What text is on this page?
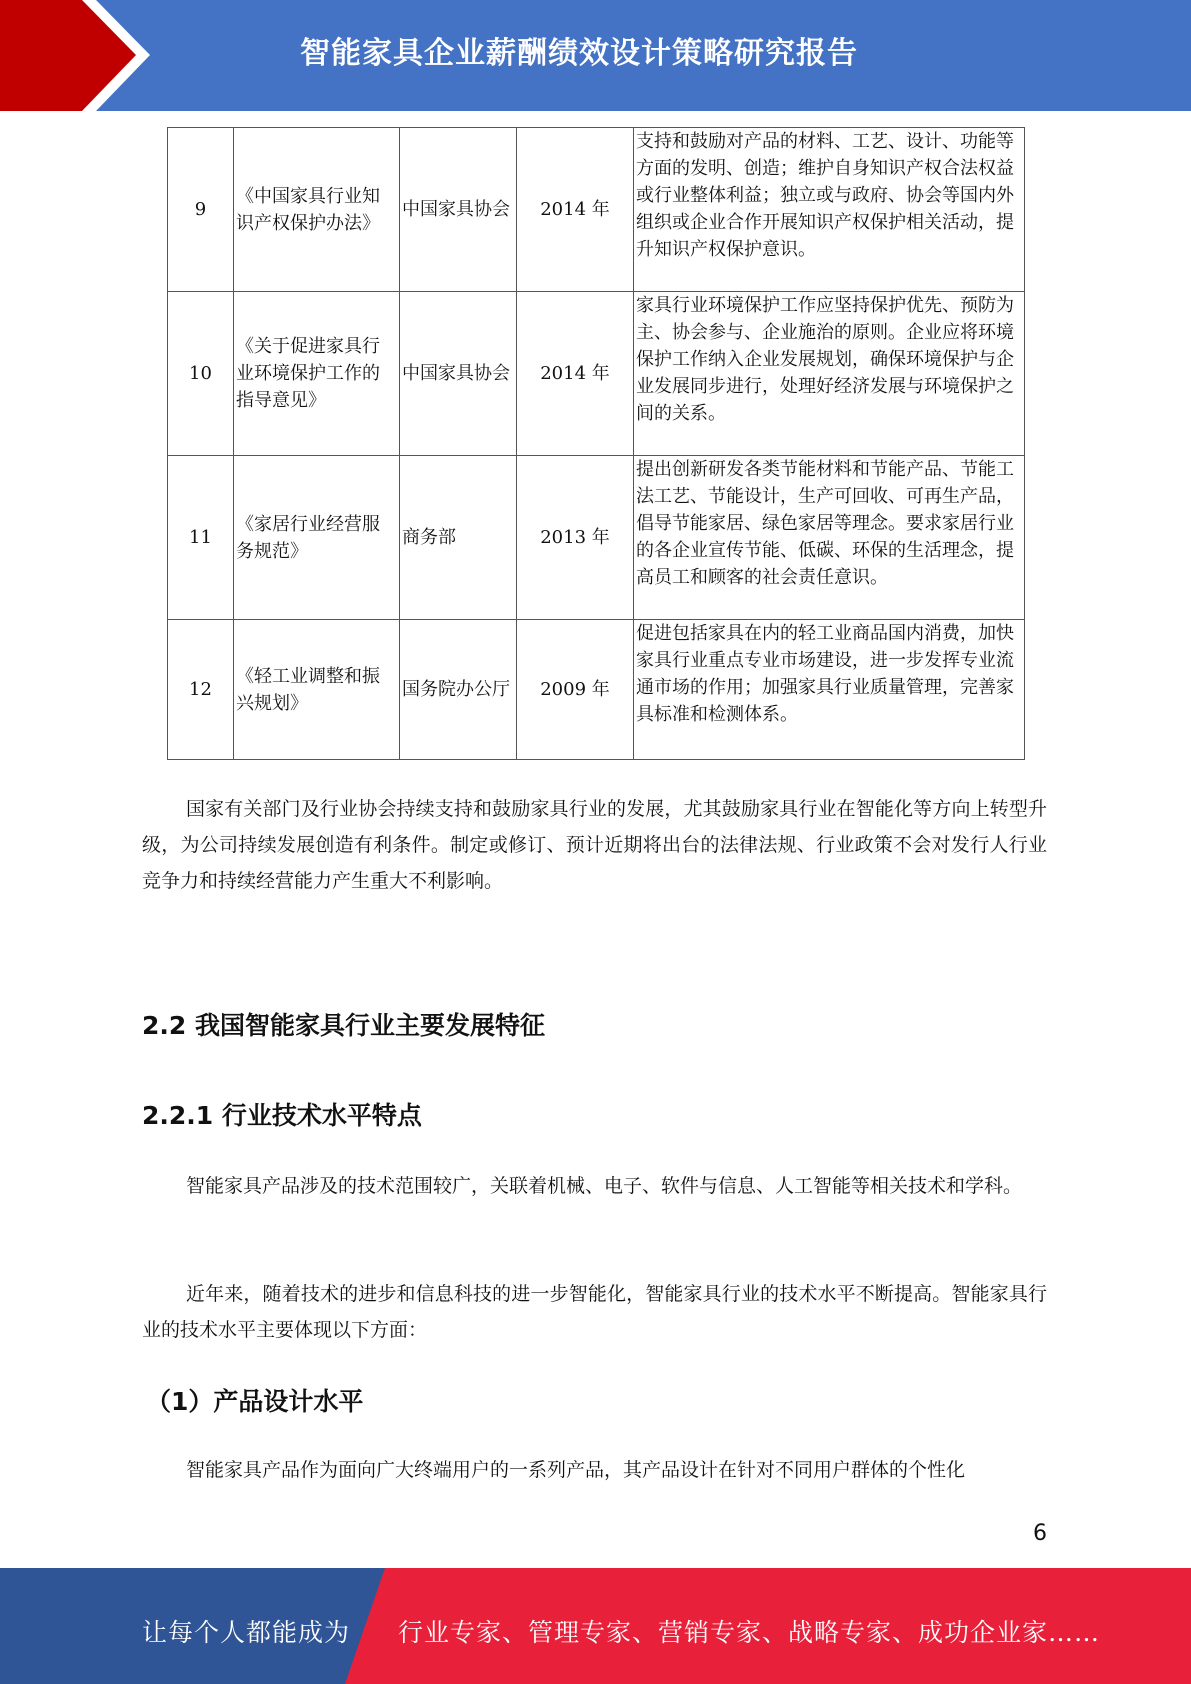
智能家具企业薪酬绩效设计策略研究报告
9	《中国家具行业知识产权保护办法》	中国家具协会	2014 年	支持和鼓励对产品的材料、工艺、设计、功能等方面的发明、创造；维护自身知识产权合法权益或行业整体利益；独立或与政府、协会等国内外组织或企业合作开展知识产权保护相关活动，提升知识产权保护意识。
10	《关于促进家具行业环境保护工作的指导意见》	中国家具协会	2014 年	家具行业环境保护工作应坚持保护优先、预防为主、协会参与、企业施治的原则。企业应将环境保护工作纳入企业发展规划，确保环境保护与企业发展同步进行，处理好经济发展与环境保护之间的关系。
11	《家居行业经营服务规范》	商务部	2013 年	提出创新研发各类节能材料和节能产品、节能工法工艺、节能设计，生产可回收、可再生产品，倡导节能家居、绿色家居等理念。要求家居行业的各企业宣传节能、低碳、环保的生活理念，提高员工和顾客的社会责任意识。
12	《轻工业调整和振兴规划》	国务院办公厅	2009 年	促进包括家具在内的轻工业商品国内消费，加快家具行业重点专业市场建设，进一步发挥专业流通市场的作用；加强家具行业质量管理，完善家具标准和检测体系。

国家有关部门及行业协会持续支持和鼓励家具行业的发展，尤其鼓励家具行业在智能化等方向上转型升级，为公司持续发展创造有利条件。制定或修订、预计近期将出台的法律法规、行业政策不会对发行人行业竞争力和持续经营能力产生重大不利影响。

2.2 我国智能家具行业主要发展特征
2.2.1 行业技术水平特点

智能家具产品涉及的技术范围较广，关联着机械、电子、软件与信息、人工智能等相关技术和学科。

近年来，随着技术的进步和信息科技的进一步智能化，智能家具行业的技术水平不断提高。智能家具行业的技术水平主要体现以下方面：

（1）产品设计水平

智能家具产品作为面向广大终端用户的一系列产品，其产品设计在针对不同用户群体的个性化

6
让每个人都能成为 行业专家、管理专家、营销专家、战略专家、成功企业家……
